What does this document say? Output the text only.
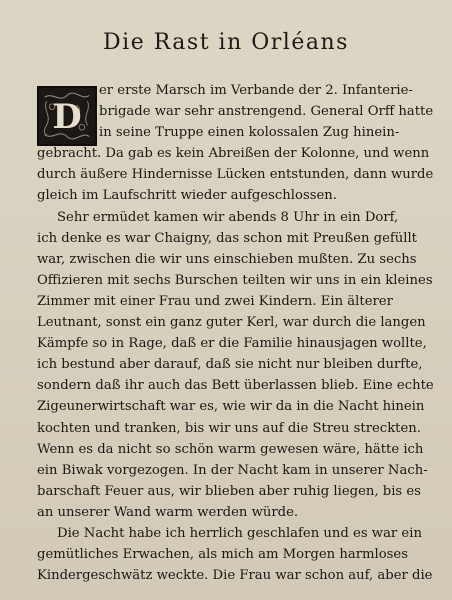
Die Rast in Orléans
D
er erste Marsch im Verbande der 2. Infanterie-
brigade war sehr anstrengend. General Orff hatte
in seine Truppe einen kolossalen Zug hinein-
gebracht. Da gab es kein Abreißen der Kolonne, und wenn
durch äußere Hindernisse Lücken entstunden, dann wurde
gleich im Laufschritt wieder aufgeschlossen.
Sehr ermüdet kamen wir abends 8 Uhr in ein Dorf,
ich denke es war Chaigny, das schon mit Preußen gefüllt
war, zwischen die wir uns einschieben mußten. Zu sechs
Offizieren mit sechs Burschen teilten wir uns in ein kleines
Zimmer mit einer Frau und zwei Kindern. Ein älterer
Leutnant, sonst ein ganz guter Kerl, war durch die langen
Kämpfe so in Rage, daß er die Familie hinausjagen wollte,
ich bestund aber darauf, daß sie nicht nur bleiben durfte,
sondern daß ihr auch das Bett überlassen blieb. Eine echte
Zigeunerwirtschaft war es, wie wir da in die Nacht hinein
kochten und tranken, bis wir uns auf die Streu streckten.
Wenn es da nicht so schön warm gewesen wäre, hätte ich
ein Biwak vorgezogen. In der Nacht kam in unserer Nach-
barschaft Feuer aus, wir blieben aber ruhig liegen, bis es
an unserer Wand warm werden würde.
Die Nacht habe ich herrlich geschlafen und es war ein
gemütliches Erwachen, als mich am Morgen harmloses
Kindergeschwätz weckte. Die Frau war schon auf, aber die
